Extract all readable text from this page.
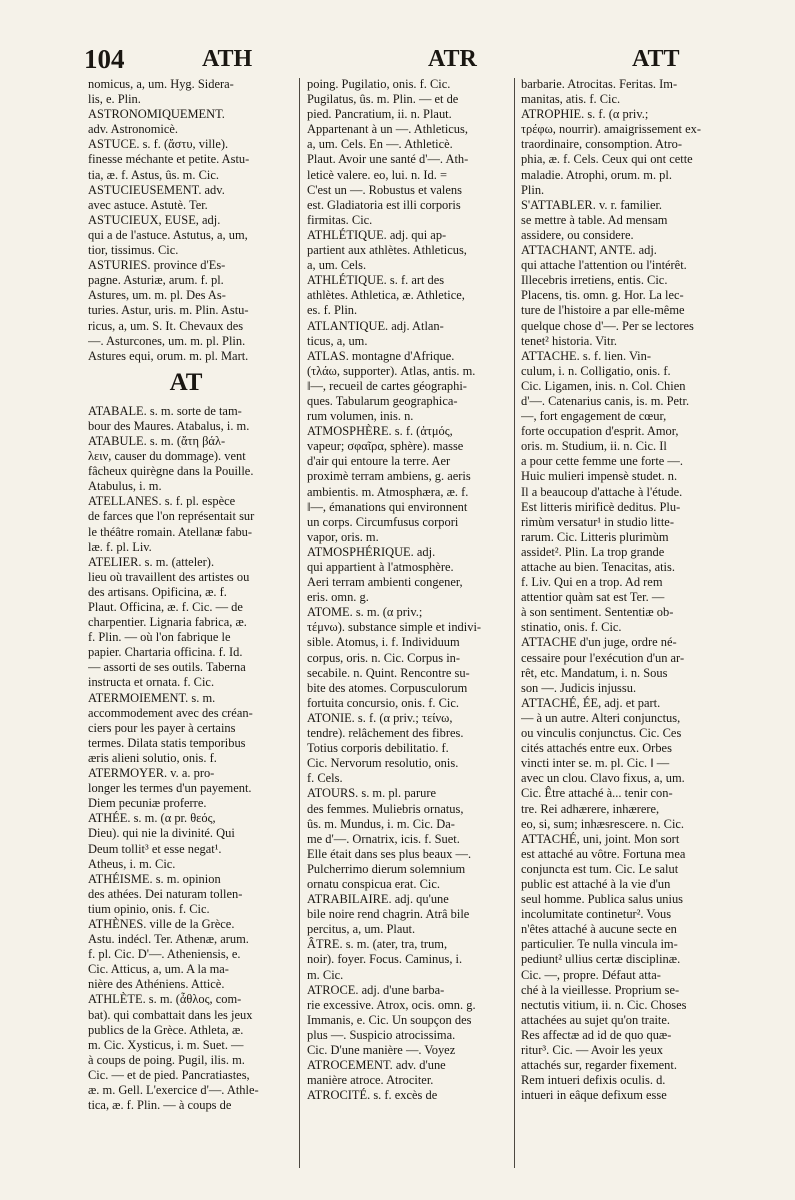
104	ATH	ATR	ATT
nomicus, a, um. Hyg. Sidera-
lis, e. Plin.
ASTRONOMIQUEMENT.
adv. Astronomicè.
ASTUCE. s. f. (ἄστυ, ville).
finesse méchante et petite. Astu-
tia, æ. f. Astus, ûs. m. Cic.
ASTUCIEUSEMENT. adv.
avec astuce. Astutè. Ter.
ASTUCIEUX, EUSE, adj.
qui a de l'astuce. Astutus, a, um,
tior, tissimus. Cic.
ASTURIES. province d'Es-
pagne. Asturiæ, arum. f. pl.
Astures, um. m. pl. Des As-
turies. Astur, uris. m. Plin. Astu-
ricus, a, um. S. It. Chevaux des
—. Asturcones, um. m. pl. Plin.
Astures equi, orum. m. pl. Mart.
AT
ATABALE. s. m. sorte de tam-
bour des Maures. Atabalus, i. m.
ATABULE. s. m. (ἄτη βάλ-
λειν, causer du dommage). vent
fâcheux quirègne dans la Pouille.
Atabulus, i. m.
ATELLANES. s. f. pl. espèce
de farces que l'on représentait sur
le théâtre romain. Atellanæ fabu-
læ. f. pl. Liv.
ATELIER. s. m. (atteler).
lieu où travaillent des artistes ou
des artisans. Opificina, æ. f.
Plaut. Officina, æ. f. Cic. — de
charpentier. Lignaria fabrica, æ.
f. Plin. — où l'on fabrique le
papier. Chartaria officina. f. Id.
— assorti de ses outils. Taberna
instructa et ornata. f. Cic.
ATERMOIEMENT. s. m.
accommodement avec des créan-
ciers pour les payer à certains
termes. Dilata statis temporibus
æris alieni solutio, onis. f.
ATERMOYER. v. a. pro-
longer les termes d'un payement.
Diem pecuniæ proferre.
ATHÉE. s. m. (α pr. θεός,
Dieu). qui nie la divinité. Qui
Deum tollit³ et esse negat¹.
Atheus, i. m. Cic.
ATHÉISME. s. m. opinion
des athées. Dei naturam tollen-
tium opinio, onis. f. Cic.
ATHÈNES. ville de la Grèce.
Astu. indécl. Ter. Athenæ, arum.
f. pl. Cic. D'—. Atheniensis, e.
Cic. Atticus, a, um. A la ma-
nière des Athéniens. Atticè.
ATHLÈTE. s. m. (ἆθλος, com-
bat). qui combattait dans les jeux
publics de la Grèce. Athleta, æ.
m. Cic. Xysticus, i. m. Suet. —
à coups de poing. Pugil, ilis. m.
Cic. — et de pied. Pancratiastes,
æ. m. Gell. L'exercice d'—. Athle-
tica, æ. f. Plin. — à coups de
poing. Pugilatio, onis. f. Cic.
Pugilatus, ûs. m. Plin. — et de
pied. Pancratium, ii. n. Plaut.
Appartenant à un —. Athleticus,
a, um. Cels. En —. Athleticè.
Plaut. Avoir une santé d'—. Ath-
leticè valere. eo, lui. n. Id. =
C'est un —. Robustus et valens
est. Gladiatoria est illi corporis
firmitas. Cic.
ATHLÉTIQUE. adj. qui ap-
partient aux athlètes. Athleticus,
a, um. Cels.
ATHLÉTIQUE. s. f. art des
athlètes. Athletica, æ. Athletice,
es. f. Plin.
ATLANTIQUE. adj. Atlan-
ticus, a, um.
ATLAS. montagne d'Afrique.
(τλάω, supporter). Atlas, antis. m.
‖—, recueil de cartes géographi-
ques. Tabularum geographica-
rum volumen, inis. n.
ATMOSPHÈRE. s. f. (ἀτμός,
vapeur; σφαῖρα, sphère). masse
d'air qui entoure la terre. Aer
proximè terram ambiens, g. aeris
ambientis. m. Atmosphæra, æ. f.
‖—, émanations qui environnent
un corps. Circumfusus corpori
vapor, oris. m.
ATMOSPHÉRIQUE. adj.
qui appartient à l'atmosphère.
Aeri terram ambienti congener,
eris. omn. g.
ATOME. s. m. (α priv.;
τέμνω). substance simple et indivi-
sible. Atomus, i. f. Individuum
corpus, oris. n. Cic. Corpus in-
secabile. n. Quint. Rencontre su-
bite des atomes. Corpusculorum
fortuita concursio, onis. f. Cic.
ATONIE. s. f. (α priv.; τείνω,
tendre). relâchement des fibres.
Totius corporis debilitatio. f.
Cic. Nervorum resolutio, onis.
f. Cels.
ATOURS. s. m. pl. parure
des femmes. Muliebris ornatus,
ûs. m. Mundus, i. m. Cic. Da-
me d'—. Ornatrix, icis. f. Suet.
Elle était dans ses plus beaux —.
Pulcherrimo dierum solemnium
ornatu conspicua erat. Cic.
ATRABILAIRE. adj. qu'une
bile noire rend chagrin. Atrâ bile
percitus, a, um. Plaut.
ÂTRE. s. m. (ater, tra, trum,
noir). foyer. Focus. Caminus, i.
m. Cic.
ATROCE. adj. d'une barba-
rie excessive. Atrox, ocis. omn. g.
Immanis, e. Cic. Un soupçon des
plus —. Suspicio atrocissima.
Cic. D'une manière —. Voyez
ATROCEMENT. adv. d'une
manière atroce. Atrociter.
ATROCITÉ. s. f. excès de
barbarie. Atrocitas. Feritas. Im-
manitas, atis. f. Cic.
ATROPHIE. s. f. (α priv.;
τρέφω, nourrir). amaigrissement ex-
traordinaire, consomption. Atro-
phia, æ. f. Cels. Ceux qui ont cette
maladie. Atrophi, orum. m. pl.
Plin.
S'ATTABLER. v. r. familier.
se mettre à table. Ad mensam
assidere, ou considere.
ATTACHANT, ANTE. adj.
qui attache l'attention ou l'intérêt.
Illecebris irretiens, entis. Cic.
Placens, tis. omn. g. Hor. La lec-
ture de l'histoire a par elle-même
quelque chose d'—. Per se lectores
tenet² historia. Vitr.
ATTACHE. s. f. lien. Vin-
culum, i. n. Colligatio, onis. f.
Cic. Ligamen, inis. n. Col. Chien
d'—. Catenarius canis, is. m. Petr.
—, fort engagement de cœur,
forte occupation d'esprit. Amor,
oris. m. Studium, ii. n. Cic. Il
a pour cette femme une forte —.
Huic mulieri impensè studet. n.
Il a beaucoup d'attache à l'étude.
Est litteris mirificè deditus. Plu-
rimùm versatur¹ in studio litte-
rarum. Cic. Litteris plurimùm
assidet². Plin. La trop grande
attache au bien. Tenacitas, atis.
f. Liv. Qui en a trop. Ad rem
attentior quàm sat est Ter. —
à son sentiment. Sententiæ ob-
stinatio, onis. f. Cic.
ATTACHE d'un juge, ordre né-
cessaire pour l'exécution d'un ar-
rêt, etc. Mandatum, i. n. Sous
son —. Judicis injussu.
ATTACHÉ, ÉE, adj. et part.
— à un autre. Alteri conjunctus,
ou vinculis conjunctus. Cic. Ces
cités attachés entre eux. Orbes
vincti inter se. m. pl. Cic. ‖ —
avec un clou. Clavo fixus, a, um.
Cic. Être attaché à... tenir con-
tre. Rei adhærere, inhærere,
eo, si, sum; inhæsrescere. n. Cic.
ATTACHÉ, uni, joint. Mon sort
est attaché au vôtre. Fortuna mea
conjuncta est tum. Cic. Le salut
public est attaché à la vie d'un
seul homme. Publica salus unius
incolumitate continetur². Vous
n'êtes attaché à aucune secte en
particulier. Te nulla vincula im-
pediunt² ullius certæ disciplinæ.
Cic. —, propre. Défaut atta-
ché à la vieillesse. Proprium se-
nectutis vitium, ii. n. Cic. Choses
attachées au sujet qu'on traite.
Res affectæ ad id de quo quæ-
ritur³. Cic. — Avoir les yeux
attachés sur, regarder fixement.
Rem intueri defixis oculis. d.
intueri in eâque defixum esse
